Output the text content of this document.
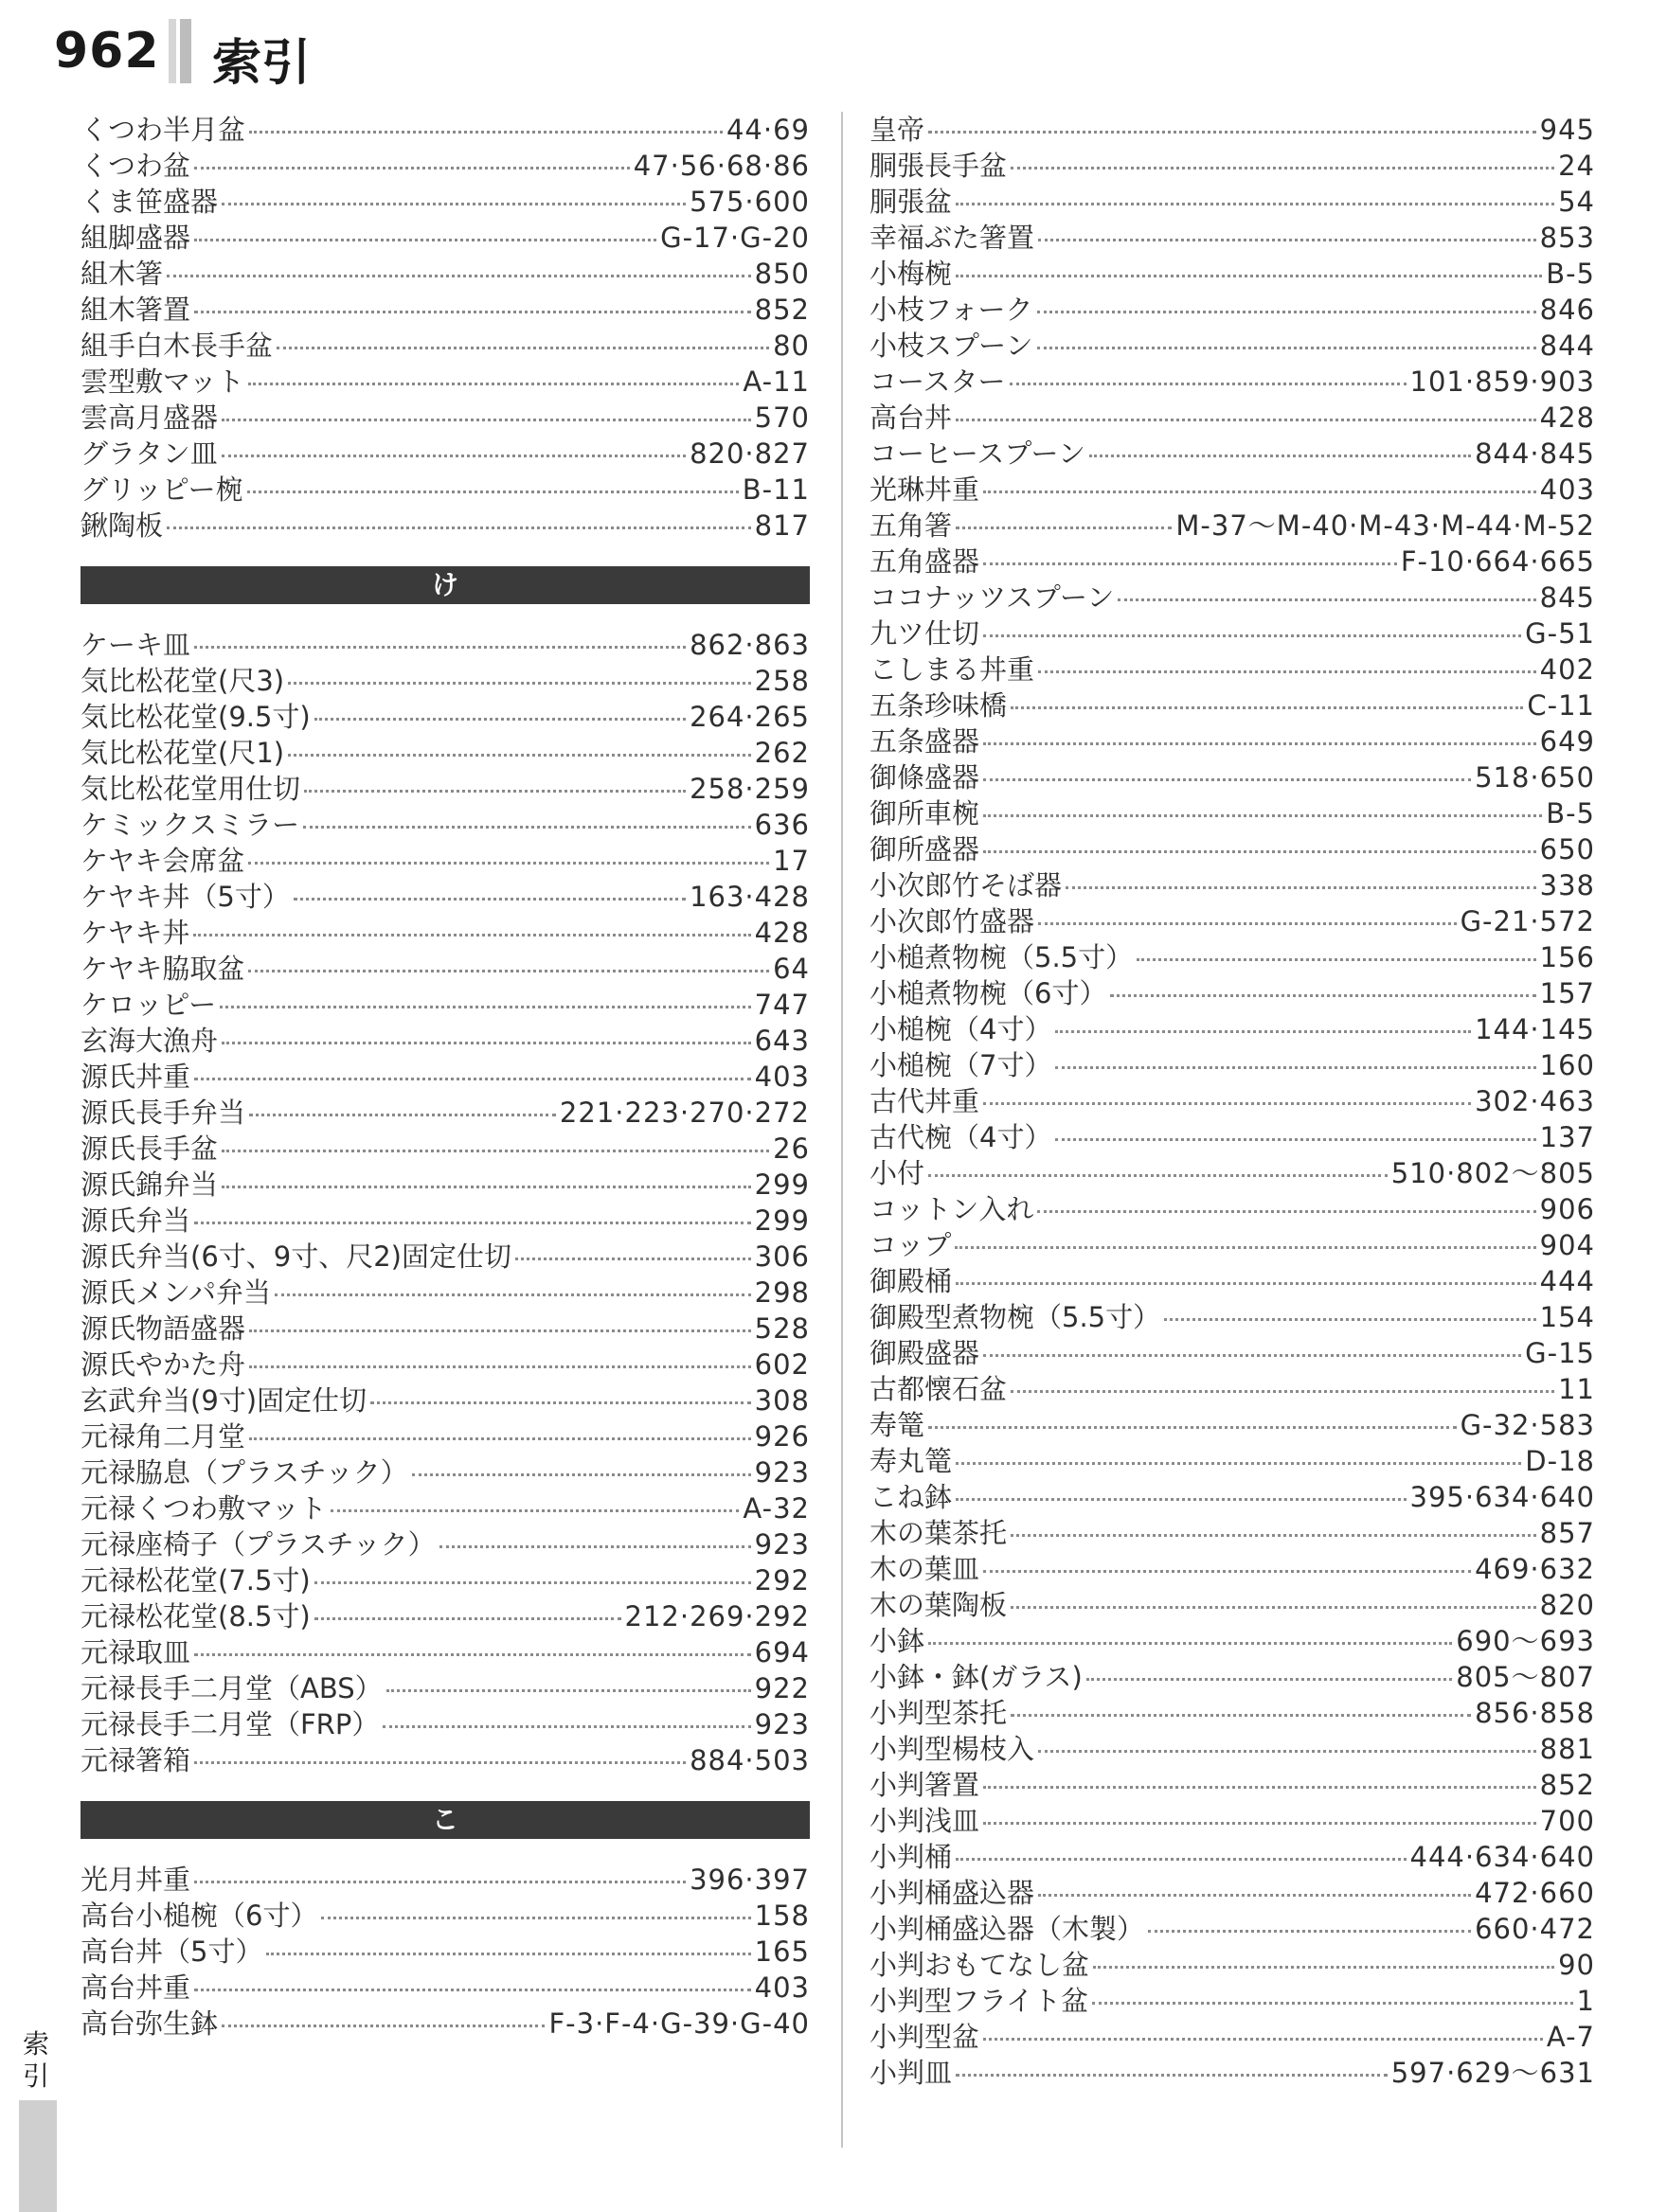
962 索引
くつわ半月盆	44·69
くつわ盆	47·56·68·86
くま笹盛器	575·600
組脚盛器	G-17·G-20
組木箸	850
組木箸置	852
組手白木長手盆	80
雲型敷マット	A-11
雲高月盛器	570
グラタン皿	820·827
グリッピー椀	B-11
鍬陶板	817
け
ケーキ皿	862·863
気比松花堂(尺3)	258
気比松花堂(9.5寸)	264·265
気比松花堂(尺1)	262
気比松花堂用仕切	258·259
ケミックスミラー	636
ケヤキ会席盆	17
ケヤキ丼（5寸）	163·428
ケヤキ丼	428
ケヤキ脇取盆	64
ケロッピー	747
玄海大漁舟	643
源氏丼重	403
源氏長手弁当	221·223·270·272
源氏長手盆	26
源氏錦弁当	299
源氏弁当	299
源氏弁当(6寸、9寸、尺2)固定仕切	306
源氏メンパ弁当	298
源氏物語盛器	528
源氏やかた舟	602
玄武弁当(9寸)固定仕切	308
元禄角二月堂	926
元禄脇息（プラスチック）	923
元禄くつわ敷マット	A-32
元禄座椅子（プラスチック）	923
元禄松花堂(7.5寸)	292
元禄松花堂(8.5寸)	212·269·292
元禄取皿	694
元禄長手二月堂（ABS）	922
元禄長手二月堂（FRP）	923
元禄箸箱	884·503
こ
光月丼重	396·397
高台小槌椀（6寸）	158
高台丼（5寸）	165
高台丼重	403
高台弥生鉢	F-3·F-4·G-39·G-40
皇帝	945
胴張長手盆	24
胴張盆	54
幸福ぶた箸置	853
小梅椀	B-5
小枝フォーク	846
小枝スプーン	844
コースター	101·859·903
高台丼	428
コーヒースプーン	844·845
光琳丼重	403
五角箸	M-37～M-40·M-43·M-44·M-52
五角盛器	F-10·664·665
ココナッツスプーン	845
九ツ仕切	G-51
こしまる丼重	402
五条珍味橋	C-11
五条盛器	649
御條盛器	518·650
御所車椀	B-5
御所盛器	650
小次郎竹そば器	338
小次郎竹盛器	G-21·572
小槌煮物椀（5.5寸）	156
小槌煮物椀（6寸）	157
小槌椀（4寸）	144·145
小槌椀（7寸）	160
古代丼重	302·463
古代椀（4寸）	137
小付	510·802～805
コットン入れ	906
コップ	904
御殿桶	444
御殿型煮物椀（5.5寸）	154
御殿盛器	G-15
古都懐石盆	11
寿篭	G-32·583
寿丸篭	D-18
こね鉢	395·634·640
木の葉茶托	857
木の葉皿	469·632
木の葉陶板	820
小鉢	690～693
小鉢・鉢(ガラス)	805～807
小判型茶托	856·858
小判型楊枝入	881
小判箸置	852
小判浅皿	700
小判桶	444·634·640
小判桶盛込器	472·660
小判桶盛込器（木製）	660·472
小判おもてなし盆	90
小判型フライト盆	1
小判型盆	A-7
小判皿	597·629～631
索引
